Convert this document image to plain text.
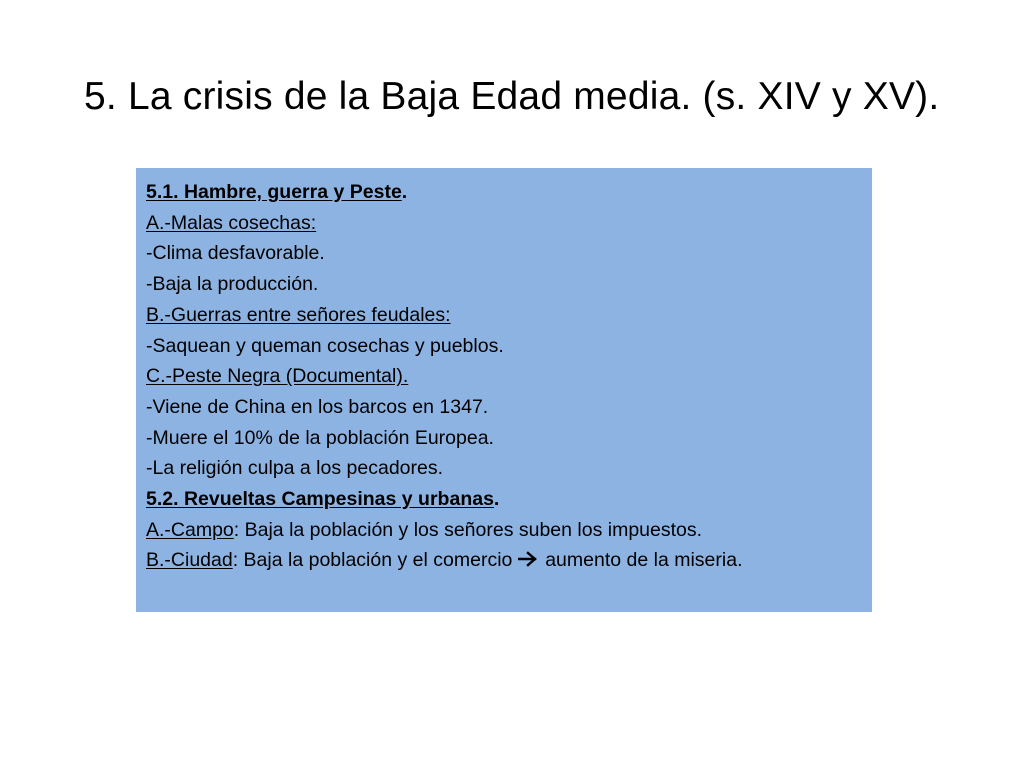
5. La crisis de la Baja Edad media. (s. XIV y XV).
5.1. Hambre, guerra y Peste.
A.-Malas cosechas:
-Clima desfavorable.
-Baja la producción.
B.-Guerras entre señores feudales:
-Saquean y queman cosechas y pueblos.
C.-Peste Negra (Documental).
-Viene de China en los barcos en 1347.
-Muere el 10% de la población Europea.
-La religión culpa a los pecadores.
5.2. Revueltas Campesinas y urbanas.
A.-Campo: Baja la población y los señores suben los impuestos.
B.-Ciudad: Baja la población y el comercio  aumento de la miseria.
